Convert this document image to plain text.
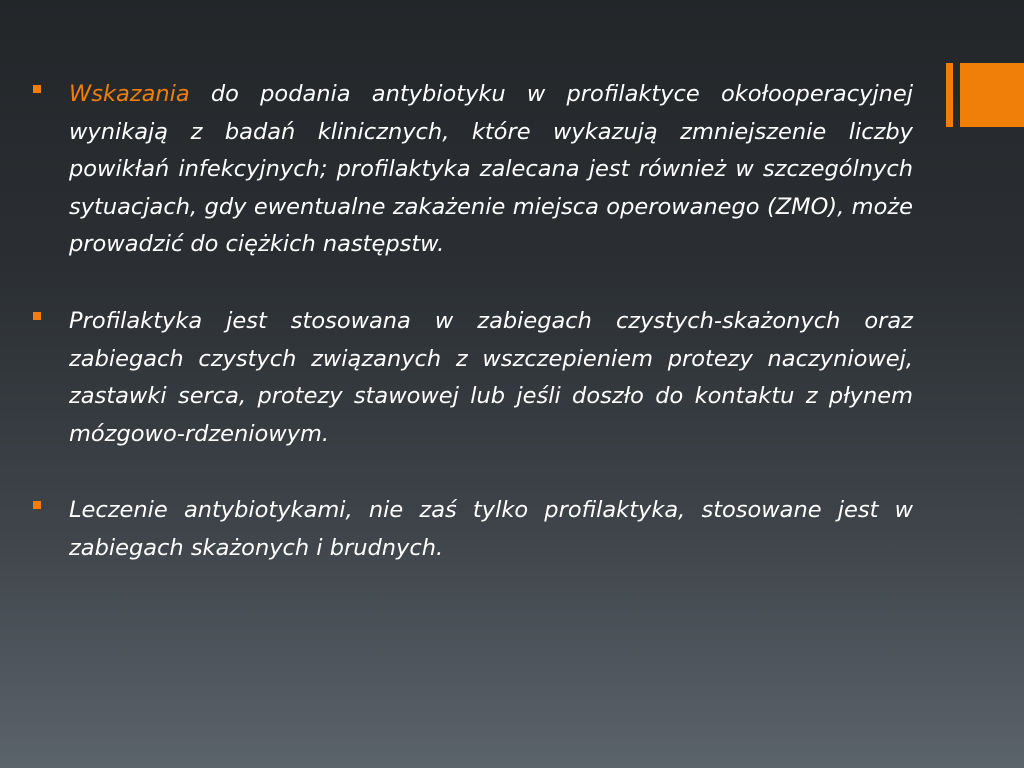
Wskazania do podania antybiotyku w profilaktyce okołooperacyjnej wynikają z badań klinicznych, które wykazują zmniejszenie liczby powikłań infekcyjnych; profilaktyka zalecana jest również w szczególnych sytuacjach, gdy ewentualne zakażenie miejsca operowanego (ZMO), może prowadzić do ciężkich następstw.

Profilaktyka jest stosowana w zabiegach czystych-skażonych oraz zabiegach czystych związanych z wszczepieniem protezy naczyniowej, zastawki serca, protezy stawowej lub jeśli doszło do kontaktu z płynem mózgowo-rdzeniowym.

Leczenie antybiotykami, nie zaś tylko profilaktyka, stosowane jest w zabiegach skażonych i brudnych.
